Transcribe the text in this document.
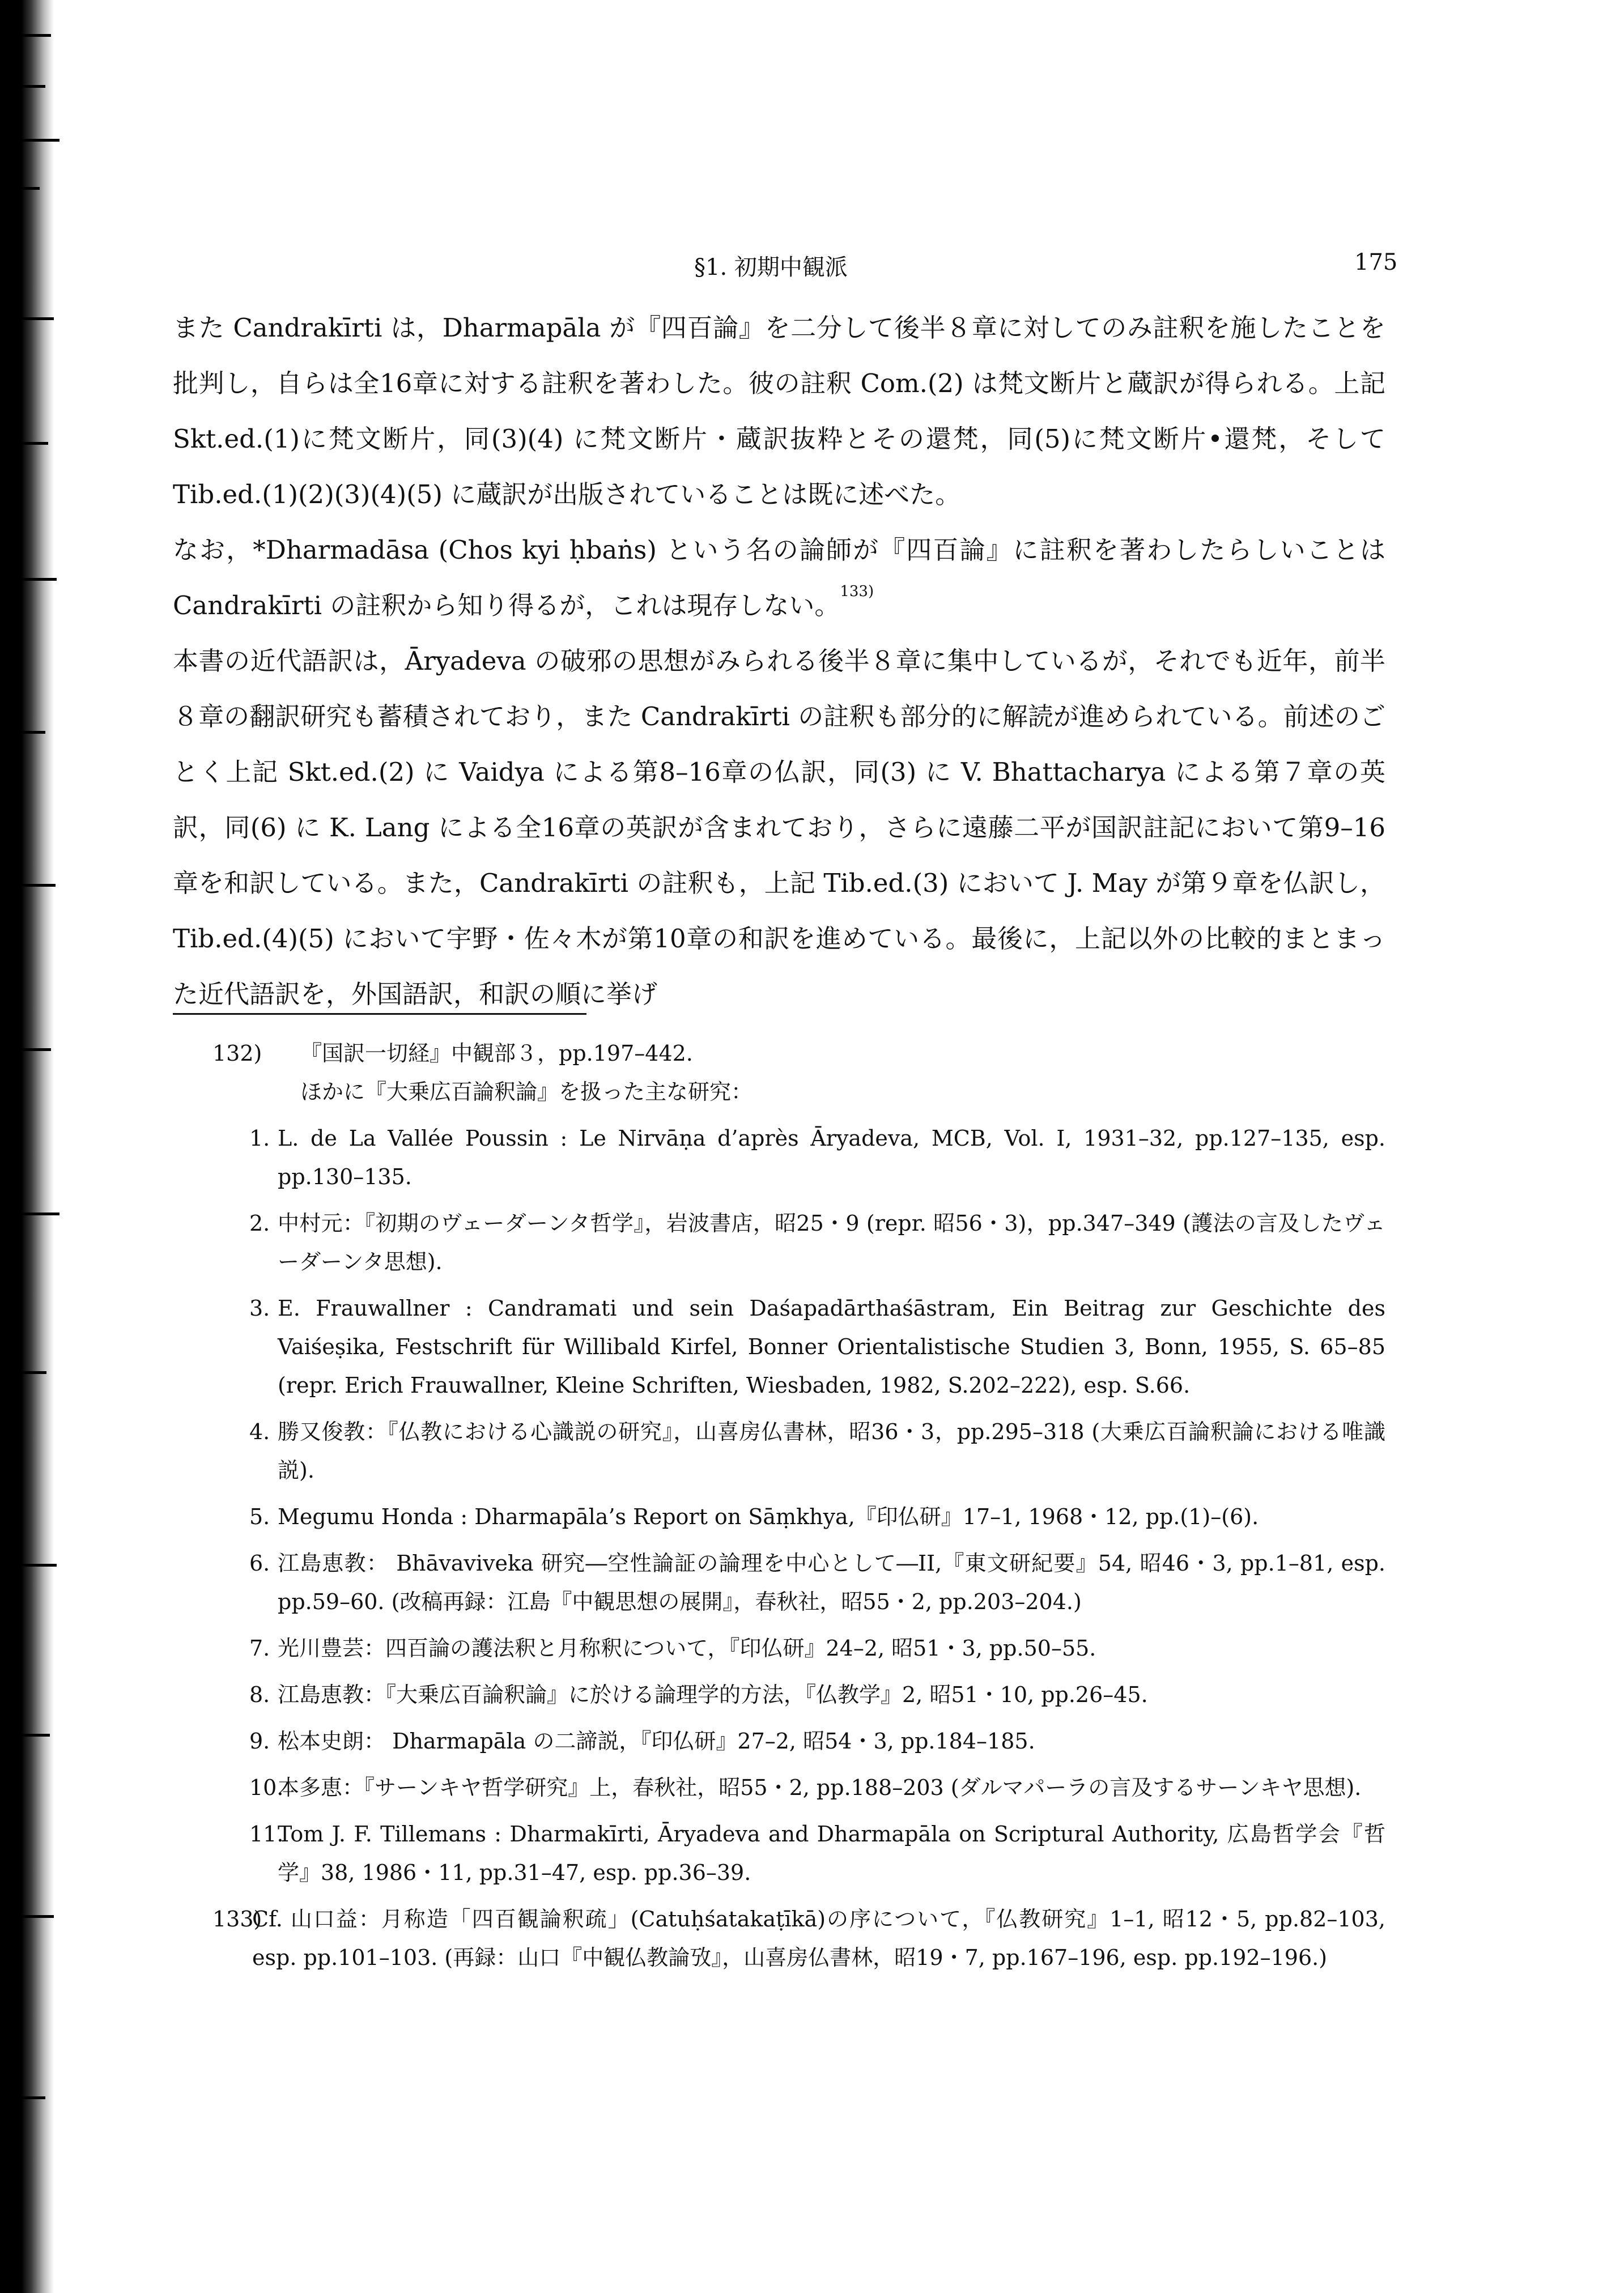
§1. 初期中観派	175

また Candrakīrti は，Dharmapāla が『四百論』を二分して後半８章に対してのみ註釈を施したことを批判し，自らは全16章に対する註釈を著わした。彼の註釈 Com.(2) は梵文断片と蔵訳が得られる。上記 Skt.ed.(1)に梵文断片，同(3)(4) に梵文断片・蔵訳抜粋とその還梵，同(5)に梵文断片•還梵，そして Tib.ed.(1)(2)(3)(4)(5) に蔵訳が出版されていることは既に述べた。

なお，*Dharmadāsa (Chos kyi ḥbaṅs) という名の論師が『四百論』に註釈を著わしたらしいことは Candrakīrti の註釈から知り得るが，これは現存しない。$^{133)}$

本書の近代語訳は，Āryadeva の破邪の思想がみられる後半８章に集中しているが，それでも近年，前半８章の翻訳研究も蓄積されており，また Candrakīrti の註釈も部分的に解読が進められている。前述のごとく上記 Skt.ed.(2) に Vaidya による第8–16章の仏訳，同(3) に V. Bhattacharya による第７章の英訳，同(6) に K. Lang による全16章の英訳が含まれており，さらに遠藤二平が国訳註記において第9–16章を和訳している。また，Candrakīrti の註釈も，上記 Tib.ed.(3) において J. May が第９章を仏訳し，Tib.ed.(4)(5) において宇野・佐々木が第10章の和訳を進めている。最後に，上記以外の比較的まとまった近代語訳を，外国語訳，和訳の順に挙げ

132) 『国訳一切経』中観部３，pp.197–442.
ほかに『大乗広百論釈論』を扱った主な研究：
1. L. de La Vallée Poussin : Le Nirvāṇa d’après Āryadeva, MCB, Vol. I, 1931–32, pp.127–135, esp. pp.130–135.
2. 中村元：『初期のヴェーダーンタ哲学』，岩波書店，昭25・9 (repr. 昭56・3)，pp.347–349 (護法の言及したヴェーダーンタ思想).
3. E. Frauwallner : Candramati und sein Daśapadārthaśāstram, Ein Beitrag zur Geschichte des Vaiśeṣika, Festschrift für Willibald Kirfel, Bonner Orientalistische Studien 3, Bonn, 1955, S. 65–85 (repr. Erich Frauwallner, Kleine Schriften, Wiesbaden, 1982, S.202–222), esp. S.66.
4. 勝又俊教：『仏教における心識説の研究』，山喜房仏書林，昭36・3，pp.295–318 (大乗広百論釈論における唯識説).
5. Megumu Honda : Dharmapāla’s Report on Sāṃkhya,『印仏研』17–1, 1968・12, pp.(1)–(6).
6. 江島恵教： Bhāvaviveka 研究―空性論証の論理を中心として―II,『東文研紀要』54, 昭46・3, pp.1–81, esp. pp.59–60. (改稿再録：江島『中観思想の展開』，春秋社，昭55・2, pp.203–204.)
7. 光川豊芸：四百論の護法釈と月称釈について，『印仏研』24–2, 昭51・3, pp.50–55.
8. 江島恵教：『大乗広百論釈論』に於ける論理学的方法，『仏教学』2, 昭51・10, pp.26–45.
9. 松本史朗： Dharmapāla の二諦説，『印仏研』27–2, 昭54・3, pp.184–185.
10.
本多恵：『サーンキヤ哲学研究』上，春秋社，昭55・2, pp.188–203 (ダルマパーラの言及するサーンキヤ思想).
11.
Tom J. F. Tillemans : Dharmakīrti, Āryadeva and Dharmapāla on Scriptural Authority, 広島哲学会『哲学』38, 1986・11, pp.31–47, esp. pp.36–39.
133)
Cf. 山口益：月称造「四百観論釈疏」(Catuḥśatakaṭīkā)の序について，『仏教研究』1–1, 昭12・5, pp.82–103, esp. pp.101–103. (再録：山口『中観仏教論攷』，山喜房仏書林，昭19・7, pp.167–196, esp. pp.192–196.)
